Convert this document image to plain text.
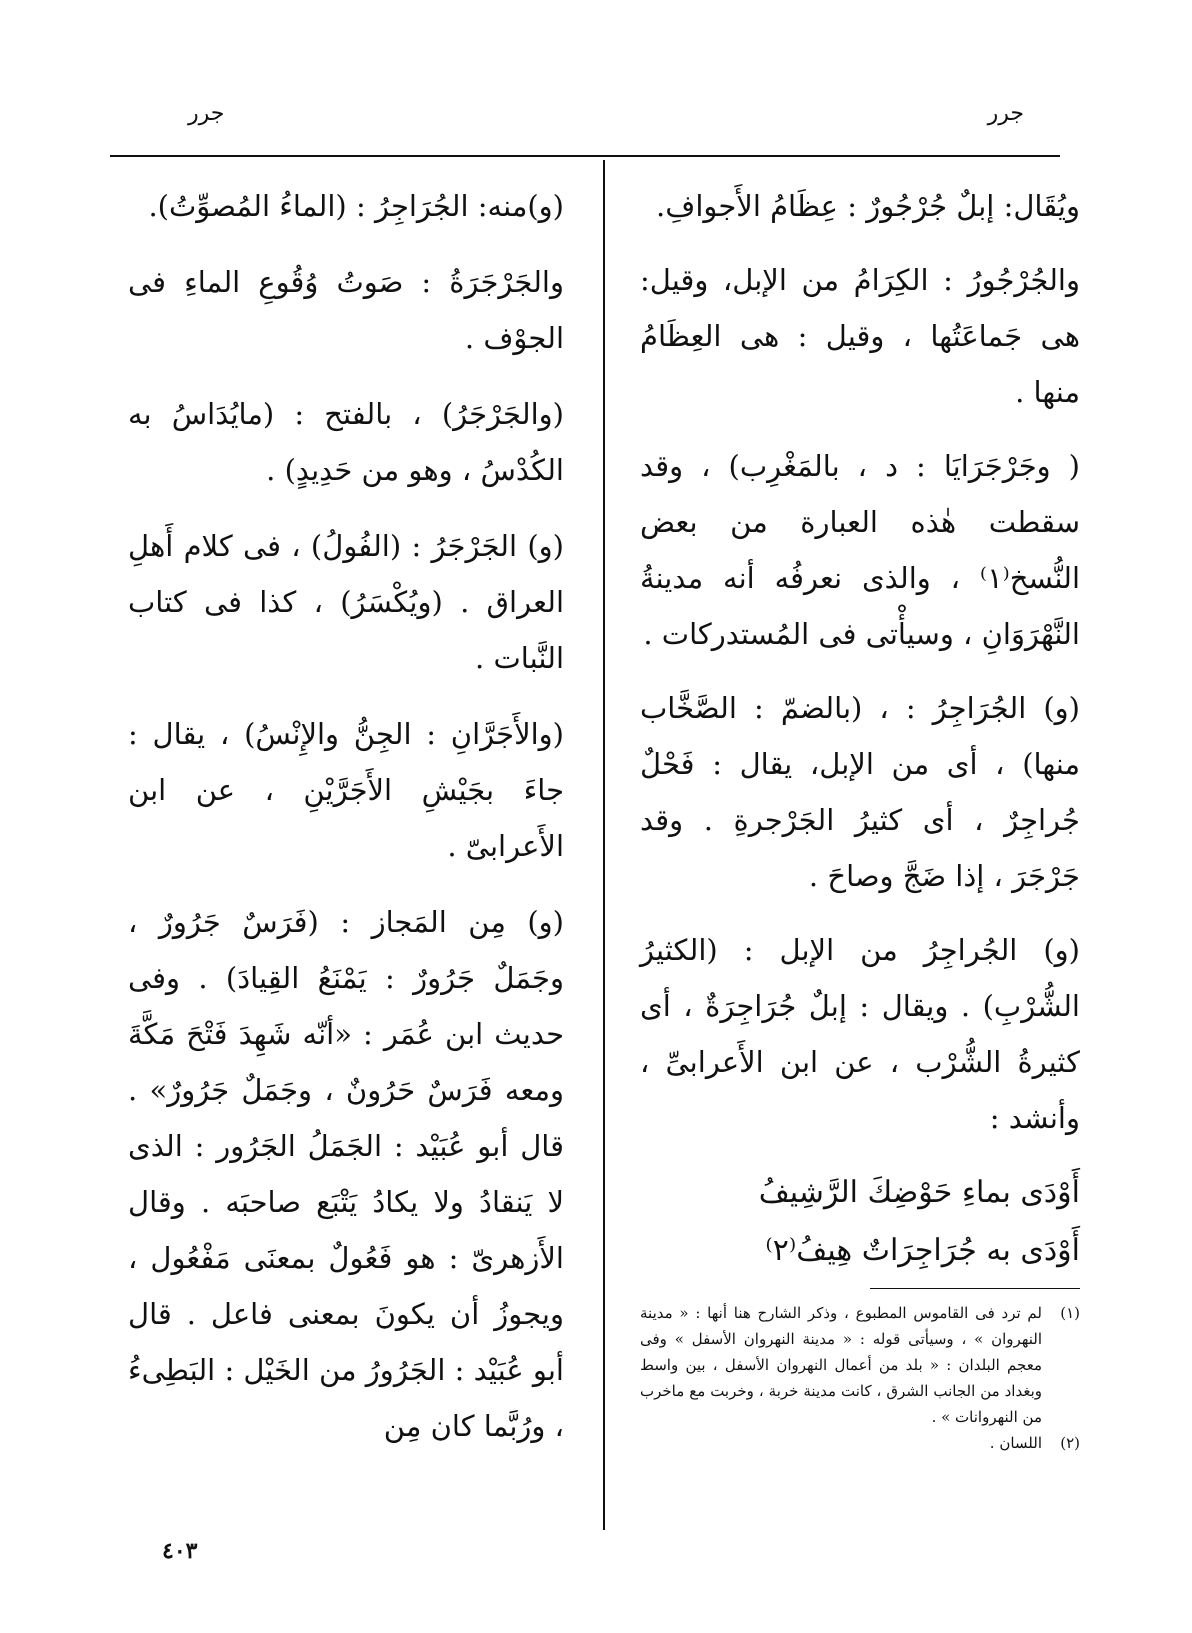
جرر
جرر

ويُقَال: إبلٌ جُرْجُورٌ : عِظَامُ الأَجوافِ.

والجُرْجُورُ : الكِرَامُ من الإبل، وقيل: هى جَماعَتُها ، وقيل : هى العِظَامُ منها .

( وجَرْجَرَايَا : د ، بالمَغْرِب) ، وقد سقطت هٰذه العبارة من بعض النُّسخ⁽١⁾ ، والذى نعرفُه أنه مدينةُ النَّهْرَوَانِ ، وسيأْتى فى المُستدركات .

(و) الجُرَاجِرُ : ، (بالضمّ : الصَّخَّاب منها) ، أى من الإبل، يقال : فَحْلٌ جُراجِرٌ ، أى كثيرُ الجَرْجرةِ . وقد جَرْجَرَ ، إذا ضَجَّ وصاحَ .

(و) الجُراجِرُ من الإبل : (الكثيرُ الشُّرْبِ) . ويقال : إبلٌ جُرَاجِرَةٌ ، أى كثيرةُ الشُّرْب ، عن ابن الأَعرابىِّ ، وأنشد :

أَوْدَى بماءِ حَوْضِكَ الرَّشِيفُ
أَوْدَى به جُرَاجِرَاتٌ هِيفُ⁽٢⁾
(١)
لم ترد فى القاموس المطبوع ، وذكر الشارح هنا أنها : « مدينة النهروان » ، وسيأتى قوله : « مدينة النهروان الأسفل » وفى معجم البلدان : « بلد من أعمال النهروان الأسفل ، بين واسط وبغداد من الجانب الشرق ، كانت مدينة خربة ، وخربت مع ماخرب من النهروانات » .
(٢)
اللسان .

(و)منه: الجُرَاجِرُ : (الماءُ المُصوِّتُ).

والجَرْجَرَةُ : صَوتُ وُقُوعِ الماءِ فى الجوْف .

(والجَرْجَرُ) ، بالفتح : (مايُدَاسُ به الكُدْسُ ، وهو من حَدِيدٍ) .

(و) الجَرْجَرُ : (الفُولُ) ، فى كلام أَهلِ العراق . (ويُكْسَرُ) ، كذا فى كتاب النَّبات .

(والأَجَرَّانِ : الجِنُّ والإِنْسُ) ، يقال : جاءَ بجَيْشِ الأَجَرَّيْنِ ، عن ابن الأَعرابىّ .

(و) مِن المَجاز : (فَرَسٌ جَرُورٌ ، وجَمَلٌ جَرُورٌ : يَمْنَعُ القِيادَ) . وفى حديث ابن عُمَر : «أنّه شَهِدَ فَتْحَ مَكَّةَ ومعه فَرَسٌ حَرُونٌ ، وجَمَلٌ جَرُورٌ» . قال أبو عُبَيْد : الجَمَلُ الجَرُور : الذى لا يَنقادُ ولا يكادُ يَتْبَع صاحبَه . وقال الأَزهرىّ : هو فَعُولٌ بمعنَى مَفْعُول ، ويجوزُ أن يكونَ بمعنى فاعل . قال أبو عُبَيْد : الجَرُورُ من الخَيْل : البَطِىءُ ، ورُبَّما كان مِن

٤٠٣
